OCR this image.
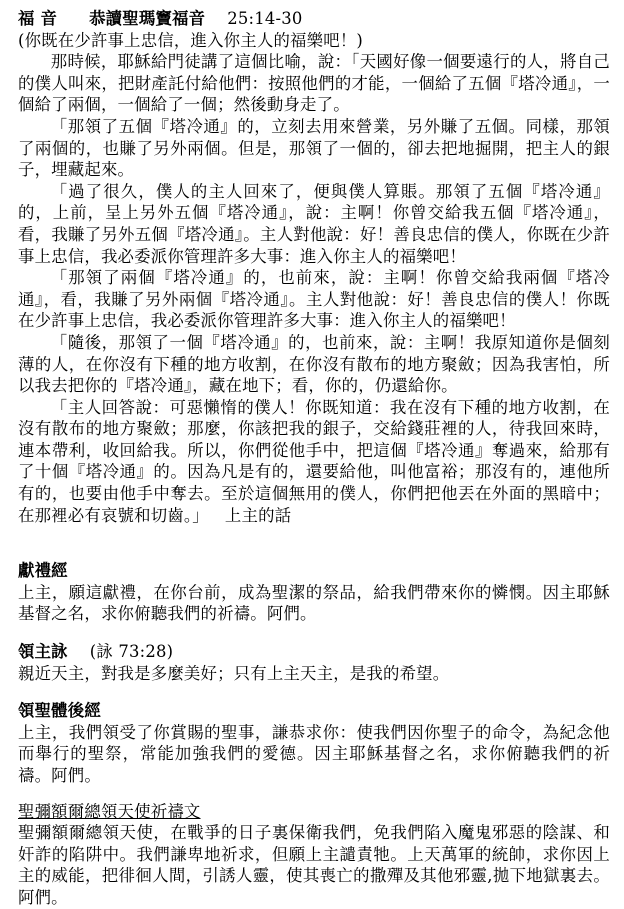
福 音 恭讀聖瑪竇福音 25:14-30

(你既在少許事上忠信，進入你主人的福樂吧！)

那時候，耶穌給門徒講了這個比喻，說：「天國好像一個要遠行的人，將自己的僕人叫來，把財產託付給他們：按照他們的才能，一個給了五個『塔冷通』，一個給了兩個，一個給了一個；然後動身走了。

「那領了五個『塔冷通』的，立刻去用來營業，另外賺了五個。同樣，那領了兩個的，也賺了另外兩個。但是，那領了一個的，卻去把地掘開，把主人的銀子，埋藏起來。

「過了很久，僕人的主人回來了，便與僕人算賬。那領了五個『塔冷通』的，上前，呈上另外五個『塔冷通』，說：主啊！你曾交給我五個『塔冷通』，看，我賺了另外五個『塔冷通』。主人對他說：好！善良忠信的僕人，你既在少許事上忠信，我必委派你管理許多大事：進入你主人的福樂吧！

「那領了兩個『塔冷通』的，也前來，說：主啊！你曾交給我兩個『塔冷通』，看，我賺了另外兩個『塔冷通』。主人對他說：好！善良忠信的僕人！你既在少許事上忠信，我必委派你管理許多大事：進入你主人的福樂吧！

「隨後，那領了一個『塔冷通』的，也前來，說：主啊！我原知道你是個刻薄的人，在你沒有下種的地方收割，在你沒有散布的地方聚斂；因為我害怕，所以我去把你的『塔冷通』，藏在地下；看，你的，仍還給你。

「主人回答說：可惡懶惰的僕人！你既知道：我在沒有下種的地方收割，在沒有散布的地方聚斂；那麼，你該把我的銀子，交給錢莊裡的人，待我回來時，連本帶利，收回給我。所以，你們從他手中，把這個『塔冷通』奪過來，給那有了十個『塔冷通』的。因為凡是有的，還要給他，叫他富裕；那沒有的，連他所有的，也要由他手中奪去。至於這個無用的僕人，你們把他丟在外面的黑暗中；在那裡必有哀號和切齒。」 上主的話

獻禮經

上主，願這獻禮，在你台前，成為聖潔的祭品，給我們帶來你的憐憫。因主耶穌基督之名，求你俯聽我們的祈禱。阿們。

領主詠 (詠 73:28)

親近天主，對我是多麼美好；只有上主天主，是我的希望。

領聖體後經

上主，我們領受了你賞賜的聖事，謙恭求你：使我們因你聖子的命令，為紀念他而舉行的聖祭，常能加強我們的愛德。因主耶穌基督之名，求你俯聽我們的祈禱。阿們。

聖彌額爾總領天使祈禱文

聖彌額爾總領天使，在戰爭的日子裏保衛我們，免我們陷入魔鬼邪惡的陰謀、和奸詐的陷阱中。我們謙卑地祈求，但願上主譴責牠。上天萬軍的統帥，求你因上主的威能，把徘徊人間，引誘人靈，使其喪亡的撒殫及其他邪靈,拋下地獄裏去。阿們。
